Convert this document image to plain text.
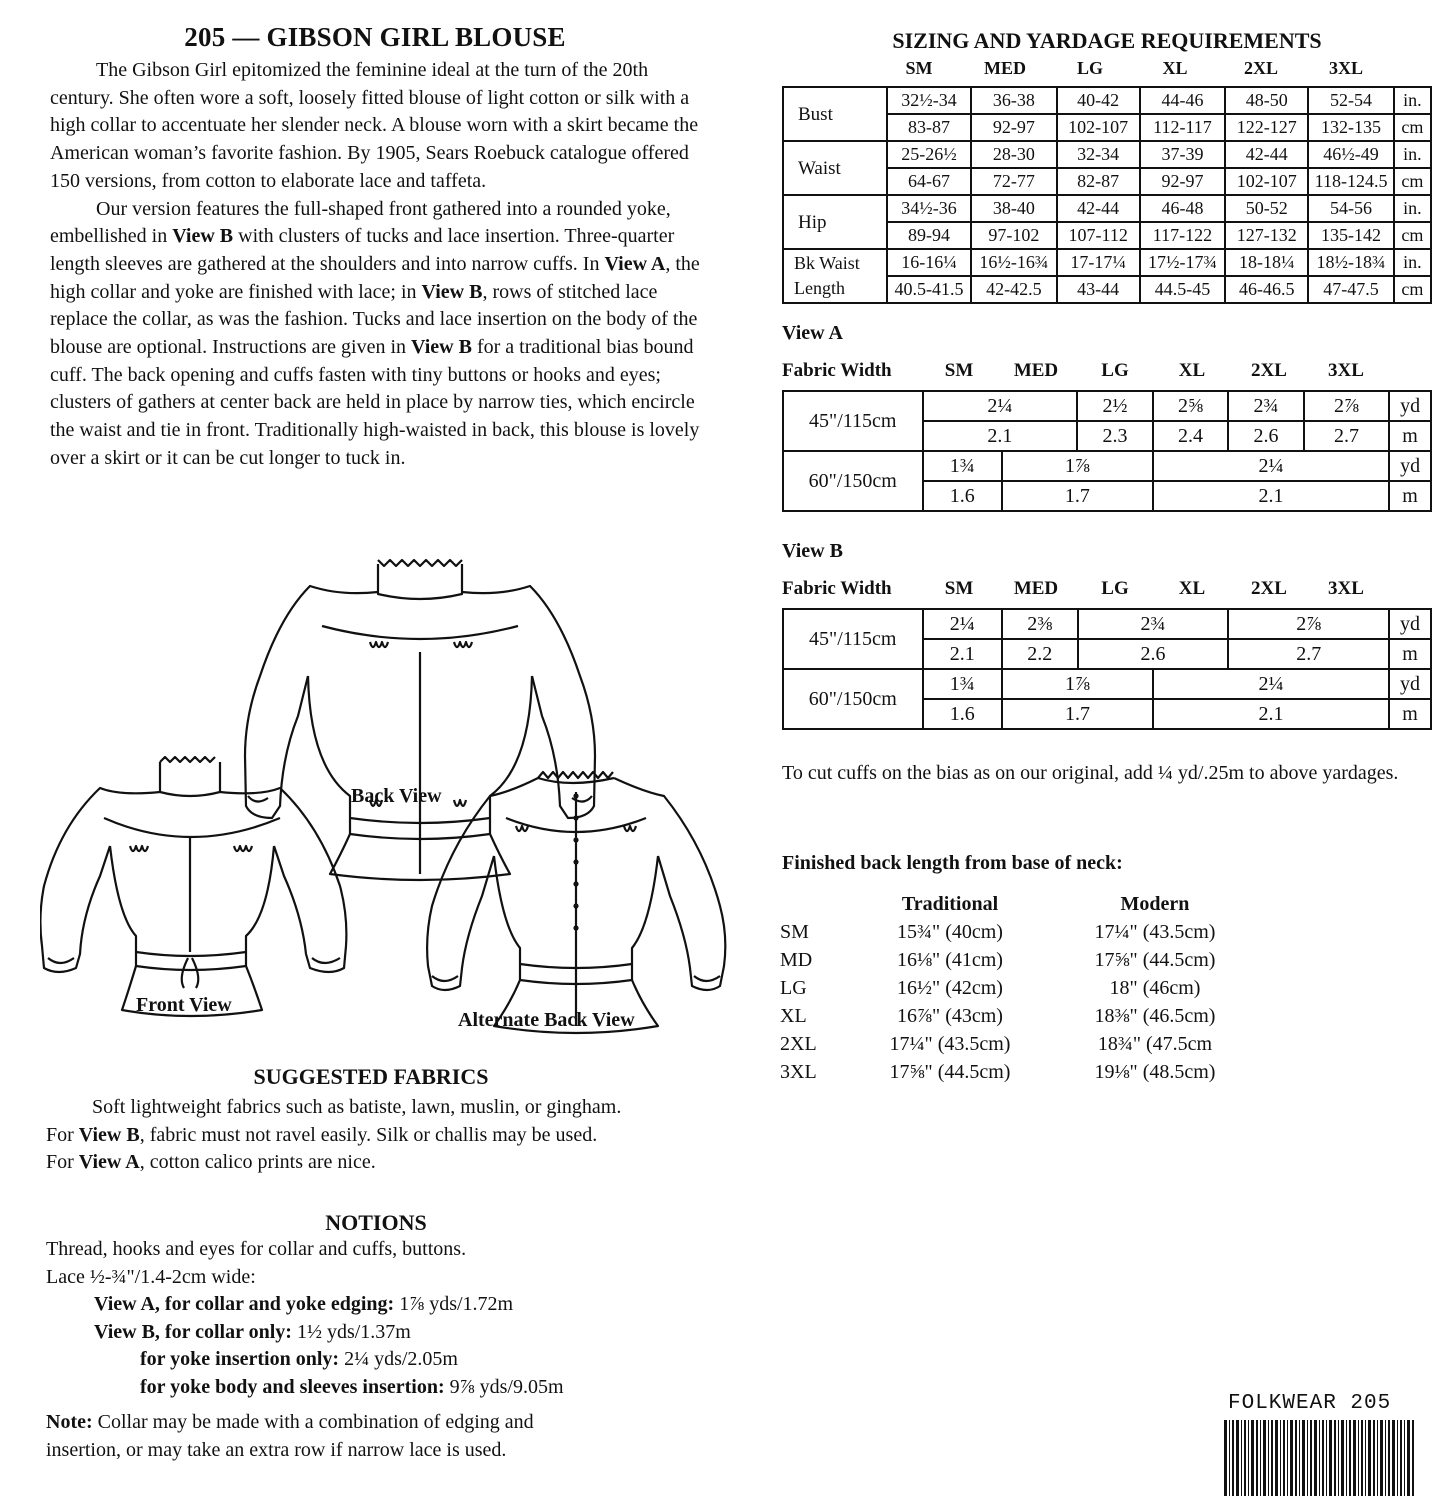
205 — GIBSON GIRL BLOUSE

The Gibson Girl epitomized the feminine ideal at the turn of the 20th century. She often wore a soft, loosely fitted blouse of light cotton or silk with a high collar to accentuate her slender neck. A blouse worn with a skirt became the American woman’s favorite fashion. By 1905, Sears Roebuck catalogue offered 150 versions, from cotton to elaborate lace and taffeta.

Our version features the full-shaped front gathered into a rounded yoke, embellished in View B with clusters of tucks and lace insertion. Three-quarter length sleeves are gathered at the shoulders and into narrow cuffs. In View A, the high collar and yoke are finished with lace; in View B, rows of stitched lace replace the collar, as was the fashion. Tucks and lace insertion on the body of the blouse are optional. Instructions are given in View B for a traditional bias bound cuff. The back opening and cuffs fasten with tiny buttons or hooks and eyes; clusters of gathers at center back are held in place by narrow ties, which encircle the waist and tie in front. Traditionally high-waisted in back, this blouse is lovely over a skirt or it can be cut longer to tuck in.

Back View
Front View
Alternate Back View
SUGGESTED FABRICS
Soft lightweight fabrics such as batiste, lawn, muslin, or gingham.
For View B, fabric must not ravel easily. Silk or challis may be used.
For View A, cotton calico prints are nice.
NOTIONS
Thread, hooks and eyes for collar and cuffs, buttons.
Lace ½-¾"/1.4-2cm wide:
View A, for collar and yoke edging: 1⅞ yds/1.72m
View B, for collar only: 1½ yds/1.37m
for yoke insertion only: 2¼ yds/2.05m
for yoke body and sleeves insertion: 9⅞ yds/9.05m
Note: Collar may be made with a combination of edging and
insertion, or may take an extra row if narrow lace is used.
SIZING AND YARDAGE REQUIREMENTS
SM	MED	LG	XL	2XL	3XL
Bust	32½-34	36-38	40-42	44-46	48-50	52-54	in.
	83-87	92-97	102-107	112-117	122-127	132-135	cm
Waist	25-26½	28-30	32-34	37-39	42-44	46½-49	in.
	64-67	72-77	82-87	92-97	102-107	118-124.5	cm
Hip	34½-36	38-40	42-44	46-48	50-52	54-56	in.
	89-94	97-102	107-112	117-122	127-132	135-142	cm
Bk Waist
Length	16-16¼	16½-16¾	17-17¼	17½-17¾	18-18¼	18½-18¾	in.
	40.5-41.5	42-42.5	43-44	44.5-45	46-46.5	47-47.5	cm
View A
Fabric Width	SM	MED	LG	XL	2XL	3XL
45"/115cm	2¼		2½	2⅝	2¾	2⅞	yd
	2.1		2.3	2.4	2.6	2.7	m
60"/150cm	1¾	1⅞		2¼			yd
	1.6	1.7		2.1			m
View B
Fabric Width	SM	MED	LG	XL	2XL	3XL
45"/115cm	2¼	2⅜	2¾		2⅞	yd
	2.1	2.2	2.6		2.7	m
60"/150cm	1¾	1⅞		2¼		yd
	1.6	1.7		2.1		m
To cut cuffs on the bias as on our original, add ¼ yd/.25m to above yardages.
Finished back length from base of neck:
	Traditional	Modern
SM	15¾" (40cm)	17¼" (43.5cm)
MD	16⅛" (41cm)	17⅝" (44.5cm)
LG	16½" (42cm)	18" (46cm)
XL	16⅞" (43cm)	18⅜" (46.5cm)
2XL	17¼" (43.5cm)	18¾" (47.5cm
3XL	17⅝" (44.5cm)	19⅛" (48.5cm)
FOLKWEAR 205
